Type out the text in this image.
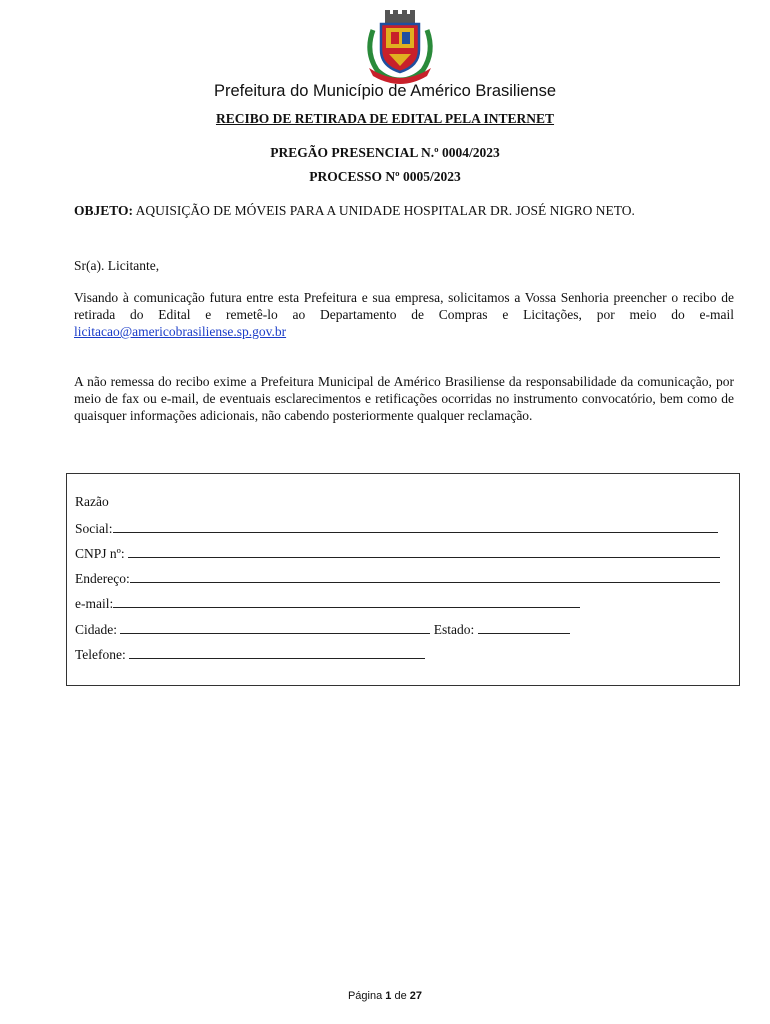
Prefeitura do Município de Américo Brasiliense
RECIBO DE RETIRADA DE EDITAL PELA INTERNET
PREGÃO PRESENCIAL N.º 0004/2023
PROCESSO Nº 0005/2023
OBJETO: AQUISIÇÃO DE MÓVEIS PARA A UNIDADE HOSPITALAR DR. JOSÉ NIGRO NETO.
Sr(a). Licitante,
Visando à comunicação futura entre esta Prefeitura e sua empresa, solicitamos a Vossa Senhoria preencher o recibo de retirada do Edital e remetê-lo ao Departamento de Compras e Licitações, por meio do e-mail licitacao@americobrasiliense.sp.gov.br
A não remessa do recibo exime a Prefeitura Municipal de Américo Brasiliense da responsabilidade da comunicação, por meio de fax ou e-mail, de eventuais esclarecimentos e retificações ocorridas no instrumento convocatório, bem como de quaisquer informações adicionais, não cabendo posteriormente qualquer reclamação.
Razão
Social:
CNPJ nº:
Endereço:
e-mail:
Cidade:	Estado:
Telefone:
Página 1 de 27
